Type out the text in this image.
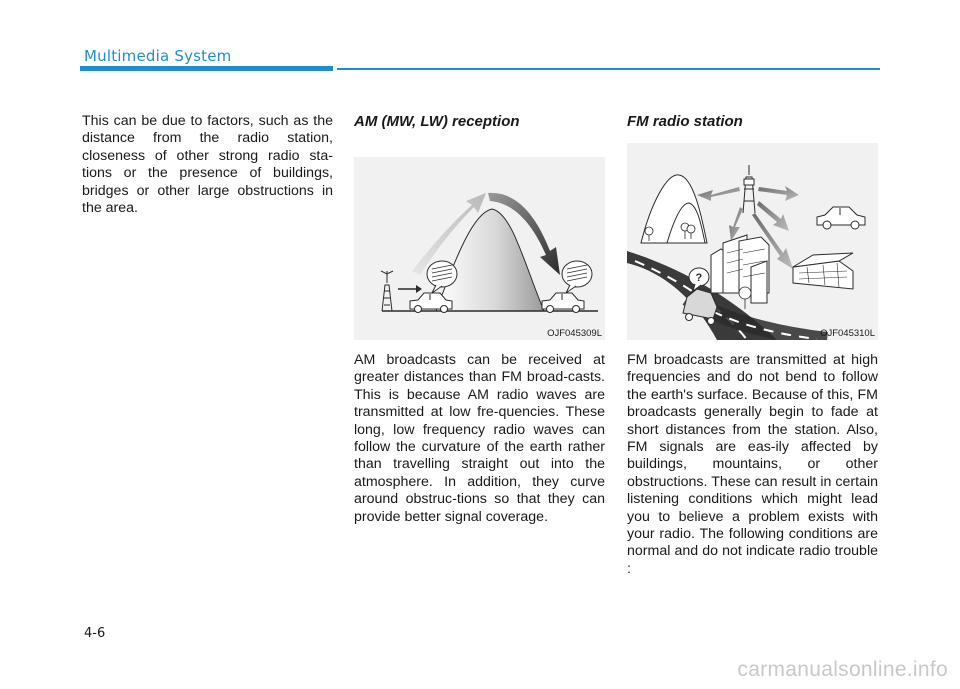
Multimedia System

This can be due to factors, such as the distance from the radio station, closeness of other strong radio sta-tions or the presence of buildings, bridges or other large obstructions in the area.

AM (MW, LW) reception
OJF045309L

AM broadcasts can be received at greater distances than FM broad-casts. This is because AM radio waves are transmitted at low fre-quencies. These long, low frequency radio waves can follow the curvature of the earth rather than travelling straight out into the atmosphere. In addition, they curve around obstruc-tions so that they can provide better signal coverage.

FM radio station
?
OJF045310L

FM broadcasts are transmitted at high frequencies and do not bend to follow the earth's surface. Because of this, FM broadcasts generally begin to fade at short distances from the station. Also, FM signals are eas-ily affected by buildings, mountains, or other obstructions. These can result in certain listening conditions which might lead you to believe a problem exists with your radio. The following conditions are normal and do not indicate radio trouble :

4-6
carmanualsonline.info
